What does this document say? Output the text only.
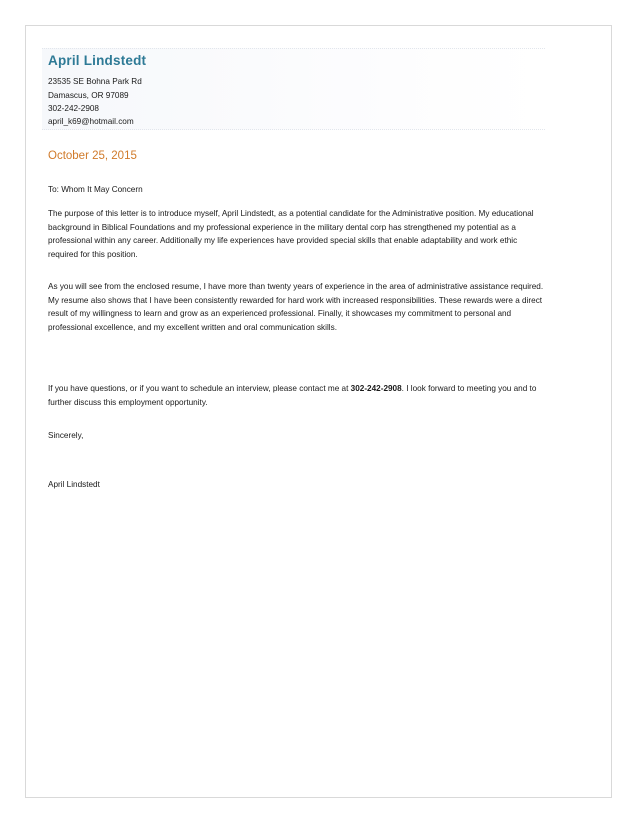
April Lindstedt
23535 SE Bohna Park Rd
Damascus, OR 97089
302-242-2908
april_k69@hotmail.com
October 25, 2015
To: Whom It May Concern
The purpose of this letter is to introduce myself, April Lindstedt, as a potential candidate for the Administrative position. My educational background in Biblical Foundations and my professional experience in the military dental corp has strengthened my potential as a professional within any career. Additionally my life experiences have provided special skills that enable adaptability and work ethic required for this position.
As you will see from the enclosed resume, I have more than twenty years of experience in the area of administrative assistance required. My resume also shows that I have been consistently rewarded for hard work with increased responsibilities. These rewards were a direct result of my willingness to learn and grow as an experienced professional. Finally, it showcases my commitment to personal and professional excellence, and my excellent written and oral communication skills.
If you have questions, or if you want to schedule an interview, please contact me at 302-242-2908. I look forward to meeting you and to further discuss this employment opportunity.
Sincerely,
April Lindstedt
